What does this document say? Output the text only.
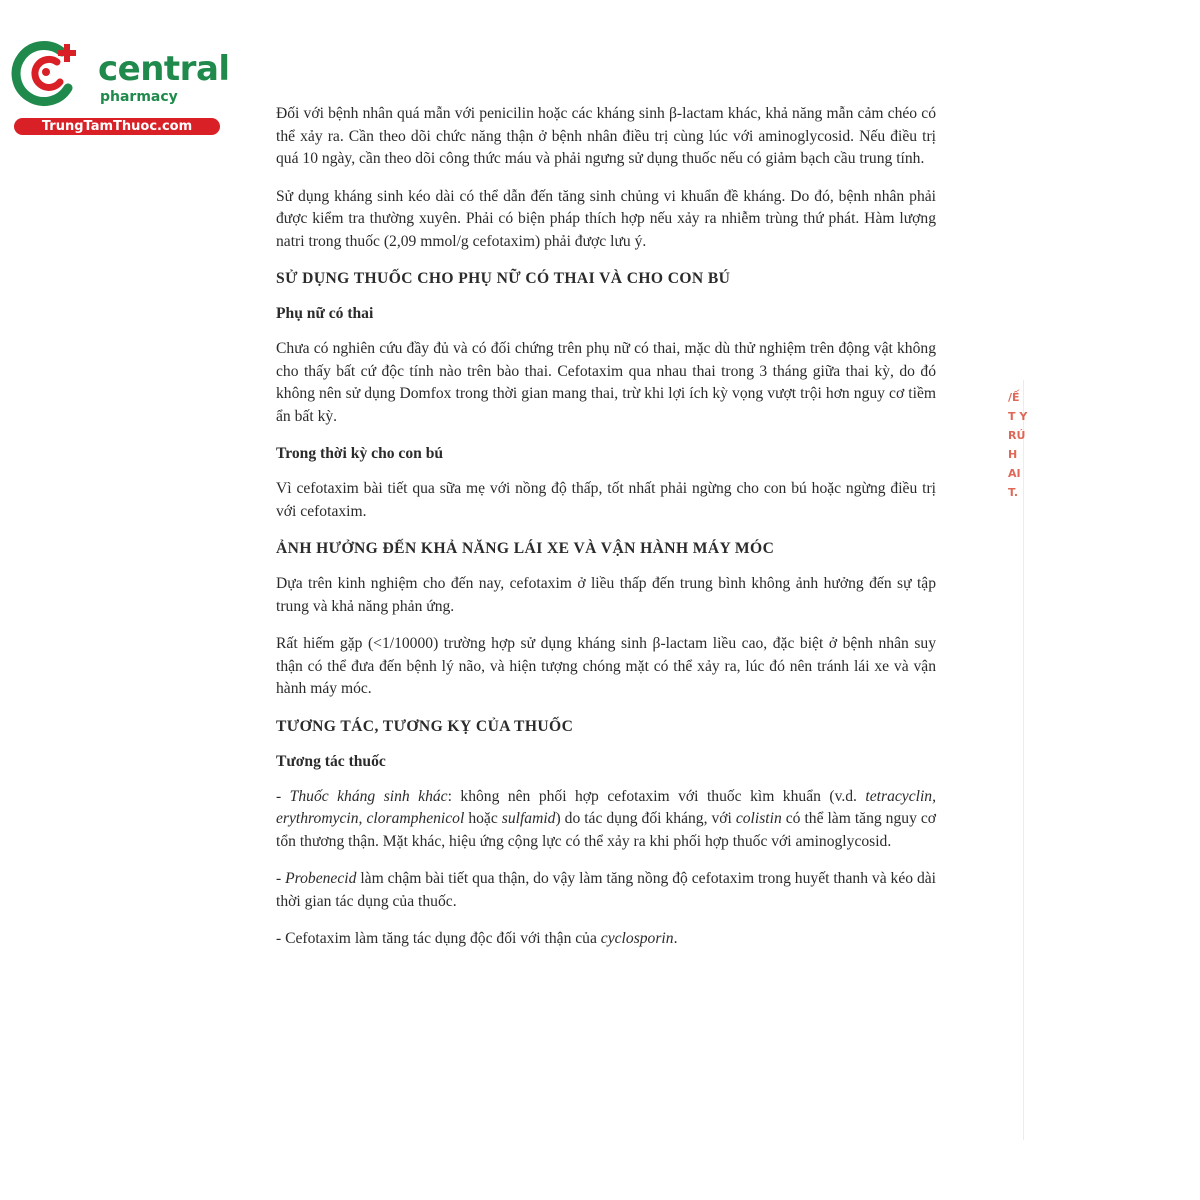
central
pharmacy
TrungTamThuoc.com
/Ế
T Y
RÚ
H
AI
T.

Đối với bệnh nhân quá mẫn với penicilin hoặc các kháng sinh β-lactam khác, khả năng mẫn cảm chéo có thể xảy ra. Cần theo dõi chức năng thận ở bệnh nhân điều trị cùng lúc với aminoglycosid. Nếu điều trị quá 10 ngày, cần theo dõi công thức máu và phải ngưng sử dụng thuốc nếu có giảm bạch cầu trung tính.

Sử dụng kháng sinh kéo dài có thể dẫn đến tăng sinh chủng vi khuẩn đề kháng. Do đó, bệnh nhân phải được kiểm tra thường xuyên. Phải có biện pháp thích hợp nếu xảy ra nhiễm trùng thứ phát. Hàm lượng natri trong thuốc (2,09 mmol/g cefotaxim) phải được lưu ý.

SỬ DỤNG THUỐC CHO PHỤ NỮ CÓ THAI VÀ CHO CON BÚ
Phụ nữ có thai

Chưa có nghiên cứu đầy đủ và có đối chứng trên phụ nữ có thai, mặc dù thử nghiệm trên động vật không cho thấy bất cứ độc tính nào trên bào thai. Cefotaxim qua nhau thai trong 3 tháng giữa thai kỳ, do đó không nên sử dụng Domfox trong thời gian mang thai, trừ khi lợi ích kỳ vọng vượt trội hơn nguy cơ tiềm ẩn bất kỳ.

Trong thời kỳ cho con bú

Vì cefotaxim bài tiết qua sữa mẹ với nồng độ thấp, tốt nhất phải ngừng cho con bú hoặc ngừng điều trị với cefotaxim.

ẢNH HƯỞNG ĐẾN KHẢ NĂNG LÁI XE VÀ VẬN HÀNH MÁY MÓC

Dựa trên kinh nghiệm cho đến nay, cefotaxim ở liều thấp đến trung bình không ảnh hưởng đến sự tập trung và khả năng phản ứng.

Rất hiếm gặp (<1/10000) trường hợp sử dụng kháng sinh β-lactam liều cao, đặc biệt ở bệnh nhân suy thận có thể đưa đến bệnh lý não, và hiện tượng chóng mặt có thể xảy ra, lúc đó nên tránh lái xe và vận hành máy móc.

TƯƠNG TÁC, TƯƠNG KỴ CỦA THUỐC
Tương tác thuốc

- Thuốc kháng sinh khác: không nên phối hợp cefotaxim với thuốc kìm khuẩn (v.d. tetracyclin, erythromycin, cloramphenicol hoặc sulfamid) do tác dụng đối kháng, với colistin có thể làm tăng nguy cơ tổn thương thận. Mặt khác, hiệu ứng cộng lực có thể xảy ra khi phối hợp thuốc với aminoglycosid.

- Probenecid làm chậm bài tiết qua thận, do vậy làm tăng nồng độ cefotaxim trong huyết thanh và kéo dài thời gian tác dụng của thuốc.

- Cefotaxim làm tăng tác dụng độc đối với thận của cyclosporin.
